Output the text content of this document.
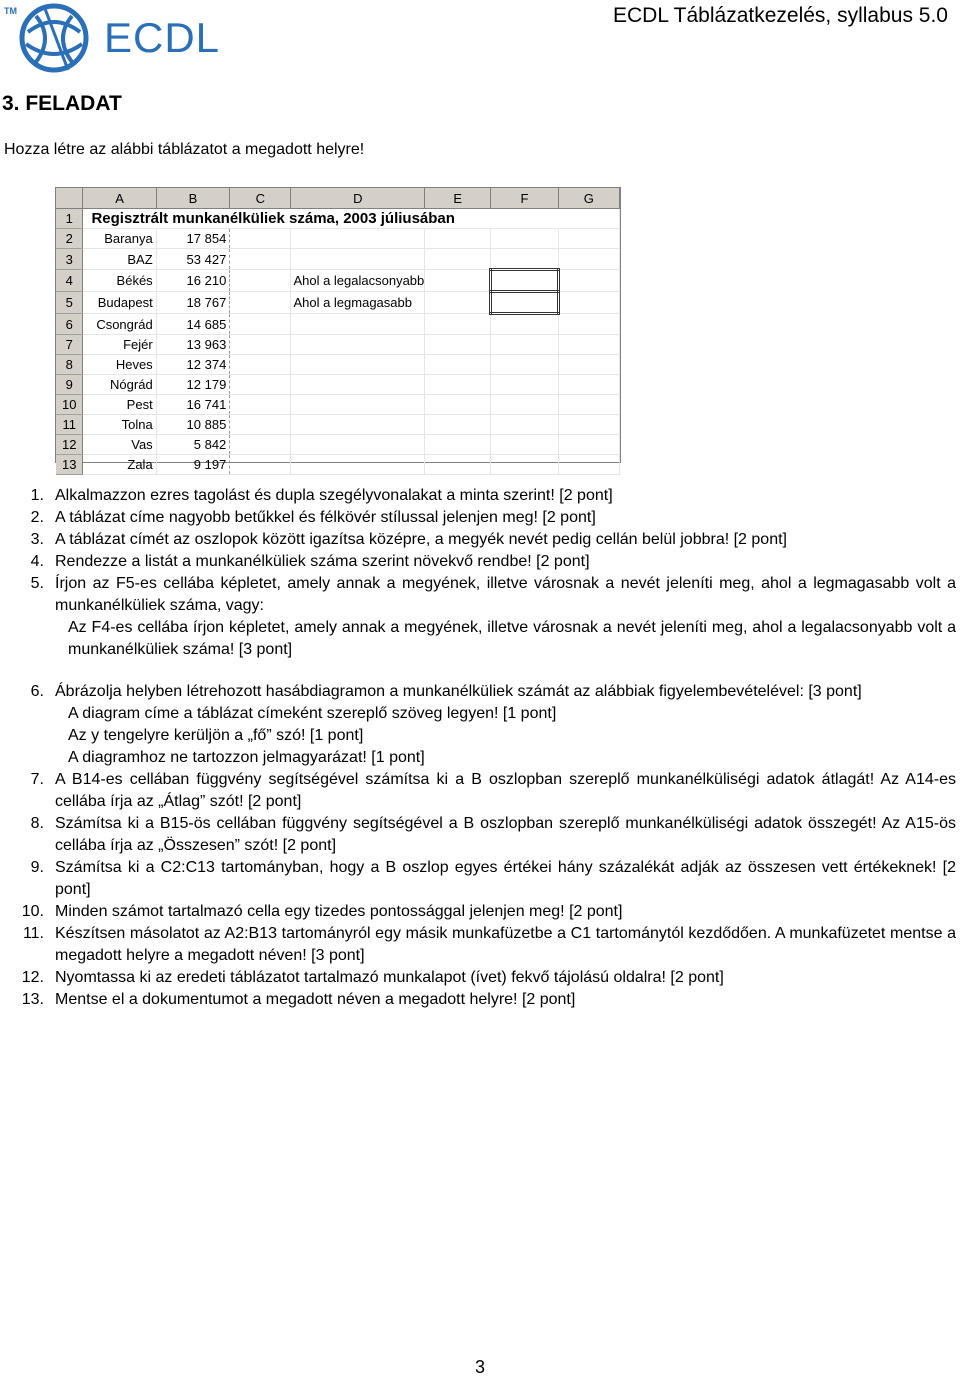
TM
ECDL	ECDL Táblázatkezelés, syllabus 5.0
3. FELADAT
Hozza létre az alábbi táblázatot a megadott helyre!
	A	B	C	D	E	F	G
1	Regisztrált munkanélküliek száma, 2003 júliusában						
2	Baranya	17 854					
3	BAZ	53 427					
4	Békés	16 210		Ahol a legalacsonyabb			
5	Budapest	18 767		Ahol a legmagasabb			
6	Csongrád	14 685					
7	Fejér	13 963					
8	Heves	12 374					
9	Nógrád	12 179					
10	Pest	16 741					
11	Tolna	10 885					
12	Vas	5 842					
13	Zala	9 197					
1. Alkalmazzon ezres tagolást és dupla szegélyvonalakat a minta szerint! [2 pont]
2. A táblázat címe nagyobb betűkkel és félkövér stílussal jelenjen meg! [2 pont]
3. A táblázat címét az oszlopok között igazítsa középre, a megyék nevét pedig cellán belül jobbra! [2 pont]
4. Rendezze a listát a munkanélküliek száma szerint növekvő rendbe! [2 pont]
5. Írjon az F5-es cellába képletet, amely annak a megyének, illetve városnak a nevét jeleníti meg, ahol a legmagasabb volt a munkanélküliek száma, vagy:
Az F4-es cellába írjon képletet, amely annak a megyének, illetve városnak a nevét jeleníti meg, ahol a legalacsonyabb volt a munkanélküliek száma! [3 pont]
6. Ábrázolja helyben létrehozott hasábdiagramon a munkanélküliek számát az alábbiak figyelembevételével: [3 pont]
A diagram címe a táblázat címeként szereplő szöveg legyen! [1 pont]
Az y tengelyre kerüljön a „fő” szó! [1 pont]
A diagramhoz ne tartozzon jelmagyarázat! [1 pont]
7. A B14-es cellában függvény segítségével számítsa ki a B oszlopban szereplő munkanélküliségi adatok átlagát! Az A14-es cellába írja az „Átlag” szót! [2 pont]
8. Számítsa ki a B15-ös cellában függvény segítségével a B oszlopban szereplő munkanélküliségi adatok összegét! Az A15-ös cellába írja az „Összesen” szót! [2 pont]
9. Számítsa ki a C2:C13 tartományban, hogy a B oszlop egyes értékei hány százalékát adják az összesen vett értékeknek! [2 pont]
10. Minden számot tartalmazó cella egy tizedes pontossággal jelenjen meg! [2 pont]
11. Készítsen másolatot az A2:B13 tartományról egy másik munkafüzetbe a C1 tartománytól kezdődően. A munkafüzetet mentse a megadott helyre a megadott néven! [3 pont]
12. Nyomtassa ki az eredeti táblázatot tartalmazó munkalapot (ívet) fekvő tájolású oldalra! [2 pont]
13. Mentse el a dokumentumot a megadott néven a megadott helyre! [2 pont]
3
